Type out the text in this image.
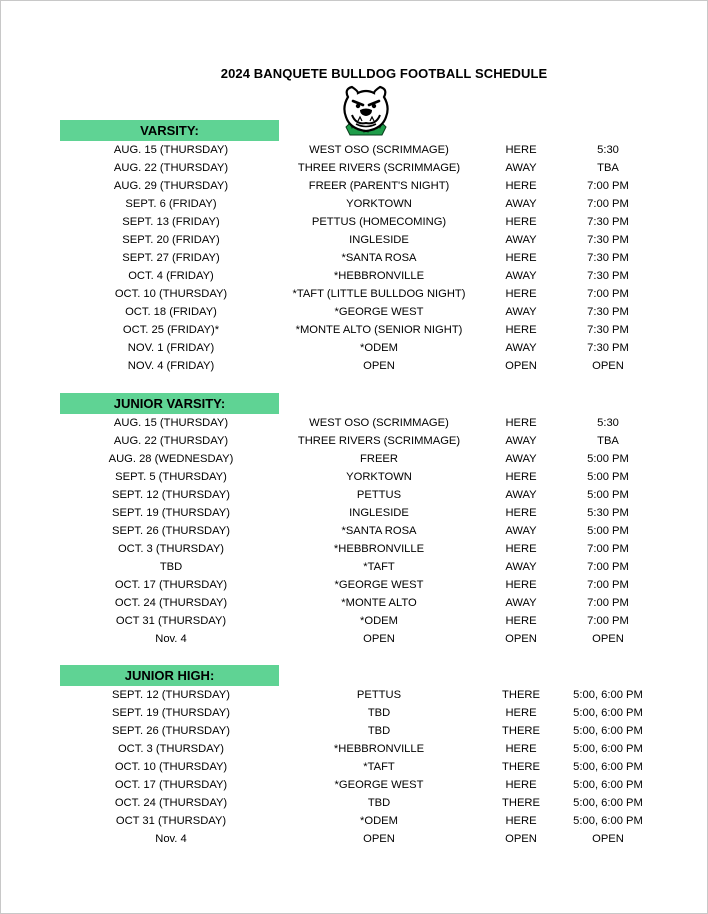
2024 BANQUETE BULLDOG FOOTBALL SCHEDULE
VARSITY:
AUG. 15 (THURSDAY)	WEST OSO (SCRIMMAGE)	HERE	5:30
AUG. 22 (THURSDAY)	THREE RIVERS (SCRIMMAGE)	AWAY	TBA
AUG. 29 (THURSDAY)	FREER (PARENT'S NIGHT)	HERE	7:00 PM
SEPT. 6 (FRIDAY)	YORKTOWN	AWAY	7:00 PM
SEPT. 13 (FRIDAY)	PETTUS (HOMECOMING)	HERE	7:30 PM
SEPT. 20 (FRIDAY)	INGLESIDE	AWAY	7:30 PM
SEPT. 27 (FRIDAY)	*SANTA ROSA	HERE	7:30 PM
OCT. 4 (FRIDAY)	*HEBBRONVILLE	AWAY	7:30 PM
OCT. 10 (THURSDAY)	*TAFT (LITTLE BULLDOG NIGHT)	HERE	7:00 PM
OCT. 18 (FRIDAY)	*GEORGE WEST	AWAY	7:30 PM
OCT. 25 (FRIDAY)*	*MONTE ALTO (SENIOR NIGHT)	HERE	7:30 PM
NOV. 1 (FRIDAY)	*ODEM	AWAY	7:30 PM
NOV. 4 (FRIDAY)	OPEN	OPEN	OPEN
JUNIOR VARSITY:
AUG. 15 (THURSDAY)	WEST OSO (SCRIMMAGE)	HERE	5:30
AUG. 22 (THURSDAY)	THREE RIVERS (SCRIMMAGE)	AWAY	TBA
AUG. 28 (WEDNESDAY)	FREER	AWAY	5:00 PM
SEPT. 5 (THURSDAY)	YORKTOWN	HERE	5:00 PM
SEPT. 12 (THURSDAY)	PETTUS	AWAY	5:00 PM
SEPT. 19 (THURSDAY)	INGLESIDE	HERE	5:30 PM
SEPT. 26 (THURSDAY)	*SANTA ROSA	AWAY	5:00 PM
OCT. 3 (THURSDAY)	*HEBBRONVILLE	HERE	7:00 PM
TBD	*TAFT	AWAY	7:00 PM
OCT. 17 (THURSDAY)	*GEORGE WEST	HERE	7:00 PM
OCT. 24 (THURSDAY)	*MONTE ALTO	AWAY	7:00 PM
OCT 31 (THURSDAY)	*ODEM	HERE	7:00 PM
Nov. 4	OPEN	OPEN	OPEN
JUNIOR HIGH:
SEPT. 12 (THURSDAY)	PETTUS	THERE	5:00, 6:00 PM
SEPT. 19 (THURSDAY)	TBD	HERE	5:00, 6:00 PM
SEPT. 26 (THURSDAY)	TBD	THERE	5:00, 6:00 PM
OCT. 3 (THURSDAY)	*HEBBRONVILLE	HERE	5:00, 6:00 PM
OCT. 10 (THURSDAY)	*TAFT	THERE	5:00, 6:00 PM
OCT. 17 (THURSDAY)	*GEORGE WEST	HERE	5:00, 6:00 PM
OCT. 24 (THURSDAY)	TBD	THERE	5:00, 6:00 PM
OCT 31 (THURSDAY)	*ODEM	HERE	5:00, 6:00 PM
Nov. 4	OPEN	OPEN	OPEN
